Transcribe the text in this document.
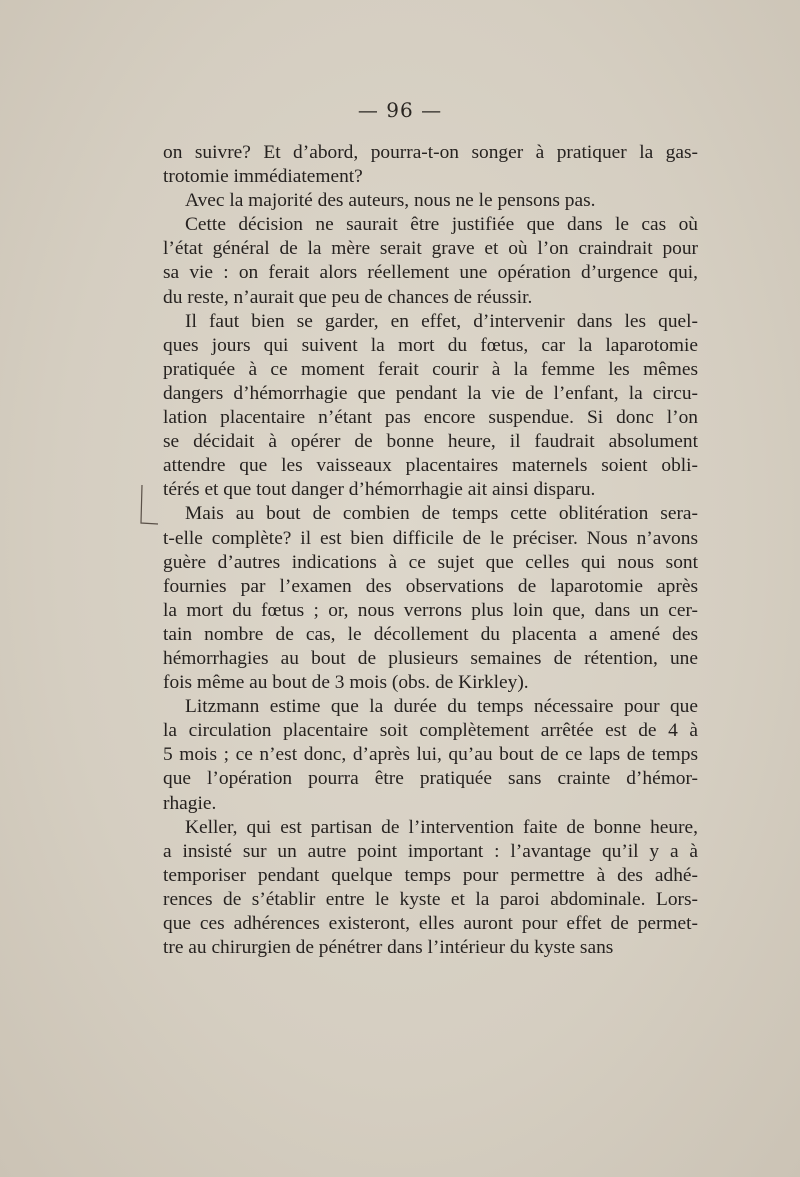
— 96 —
on suivre? Et d’abord, pourra-t-on songer à pratiquer la gas-
trotomie immédiatement?
Avec la majorité des auteurs, nous ne le pensons pas.
Cette décision ne saurait être justifiée que dans le cas où
l’état général de la mère serait grave et où l’on craindrait pour
sa vie : on ferait alors réellement une opération d’urgence qui,
du reste, n’aurait que peu de chances de réussir.
Il faut bien se garder, en effet, d’intervenir dans les quel-
ques jours qui suivent la mort du fœtus, car la laparotomie
pratiquée à ce moment ferait courir à la femme les mêmes
dangers d’hémorrhagie que pendant la vie de l’enfant, la circu-
lation placentaire n’étant pas encore suspendue. Si donc l’on
se décidait à opérer de bonne heure, il faudrait absolument
attendre que les vaisseaux placentaires maternels soient obli-
térés et que tout danger d’hémorrhagie ait ainsi disparu.
Mais au bout de combien de temps cette oblitération sera-
t-elle complète? il est bien difficile de le préciser. Nous n’avons
guère d’autres indications à ce sujet que celles qui nous sont
fournies par l’examen des observations de laparotomie après
la mort du fœtus ; or, nous verrons plus loin que, dans un cer-
tain nombre de cas, le décollement du placenta a amené des
hémorrhagies au bout de plusieurs semaines de rétention, une
fois même au bout de 3 mois (obs. de Kirkley).
Litzmann estime que la durée du temps nécessaire pour que
la circulation placentaire soit complètement arrêtée est de 4 à
5 mois ; ce n’est donc, d’après lui, qu’au bout de ce laps de temps
que l’opération pourra être pratiquée sans crainte d’hémor-
rhagie.
Keller, qui est partisan de l’intervention faite de bonne heure,
a insisté sur un autre point important : l’avantage qu’il y a à
temporiser pendant quelque temps pour permettre à des adhé-
rences de s’établir entre le kyste et la paroi abdominale. Lors-
que ces adhérences existeront, elles auront pour effet de permet-
tre au chirurgien de pénétrer dans l’intérieur du kyste sans
